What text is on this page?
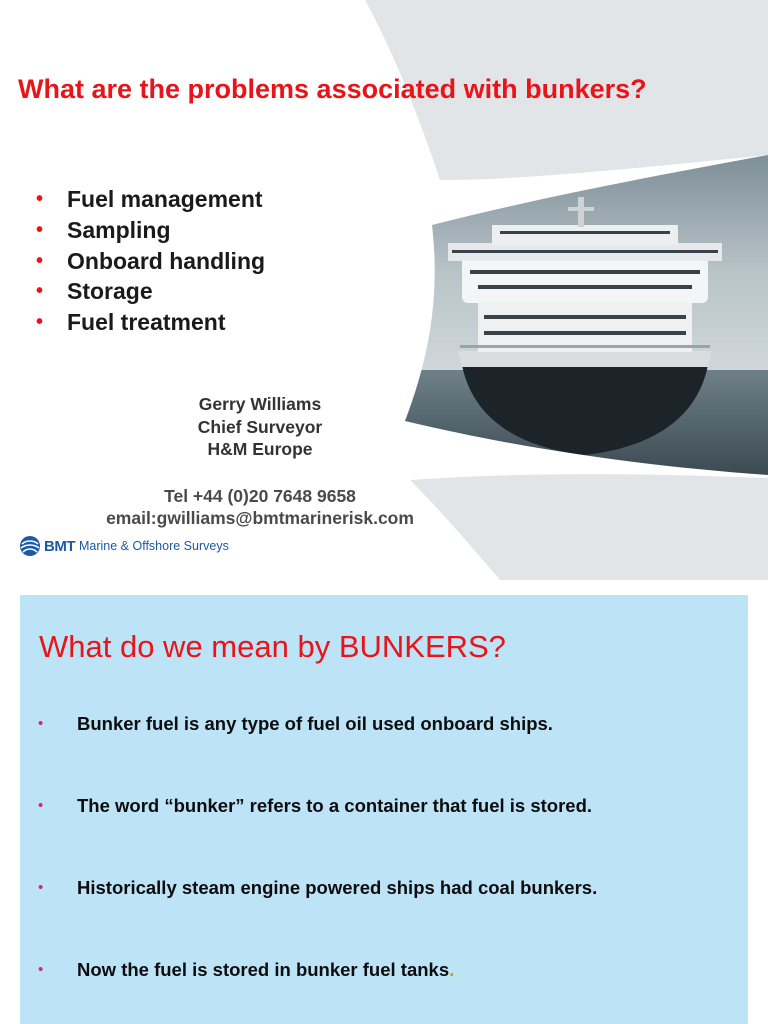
What are the problems associated with bunkers?
• Fuel management
• Sampling
• Onboard handling
• Storage
• Fuel treatment
Gerry Williams
Chief Surveyor
H&M Europe
Tel +44 (0)20 7648 9658
email:gwilliams@bmtmarinerisk.com
BMT Marine & Offshore Surveys
What do we mean by BUNKERS?
• Bunker fuel is any type of fuel oil used onboard ships.
• The word “bunker” refers to a container that fuel is stored.
• Historically steam engine powered ships had coal bunkers.
• Now the fuel is stored in bunker fuel tanks.
